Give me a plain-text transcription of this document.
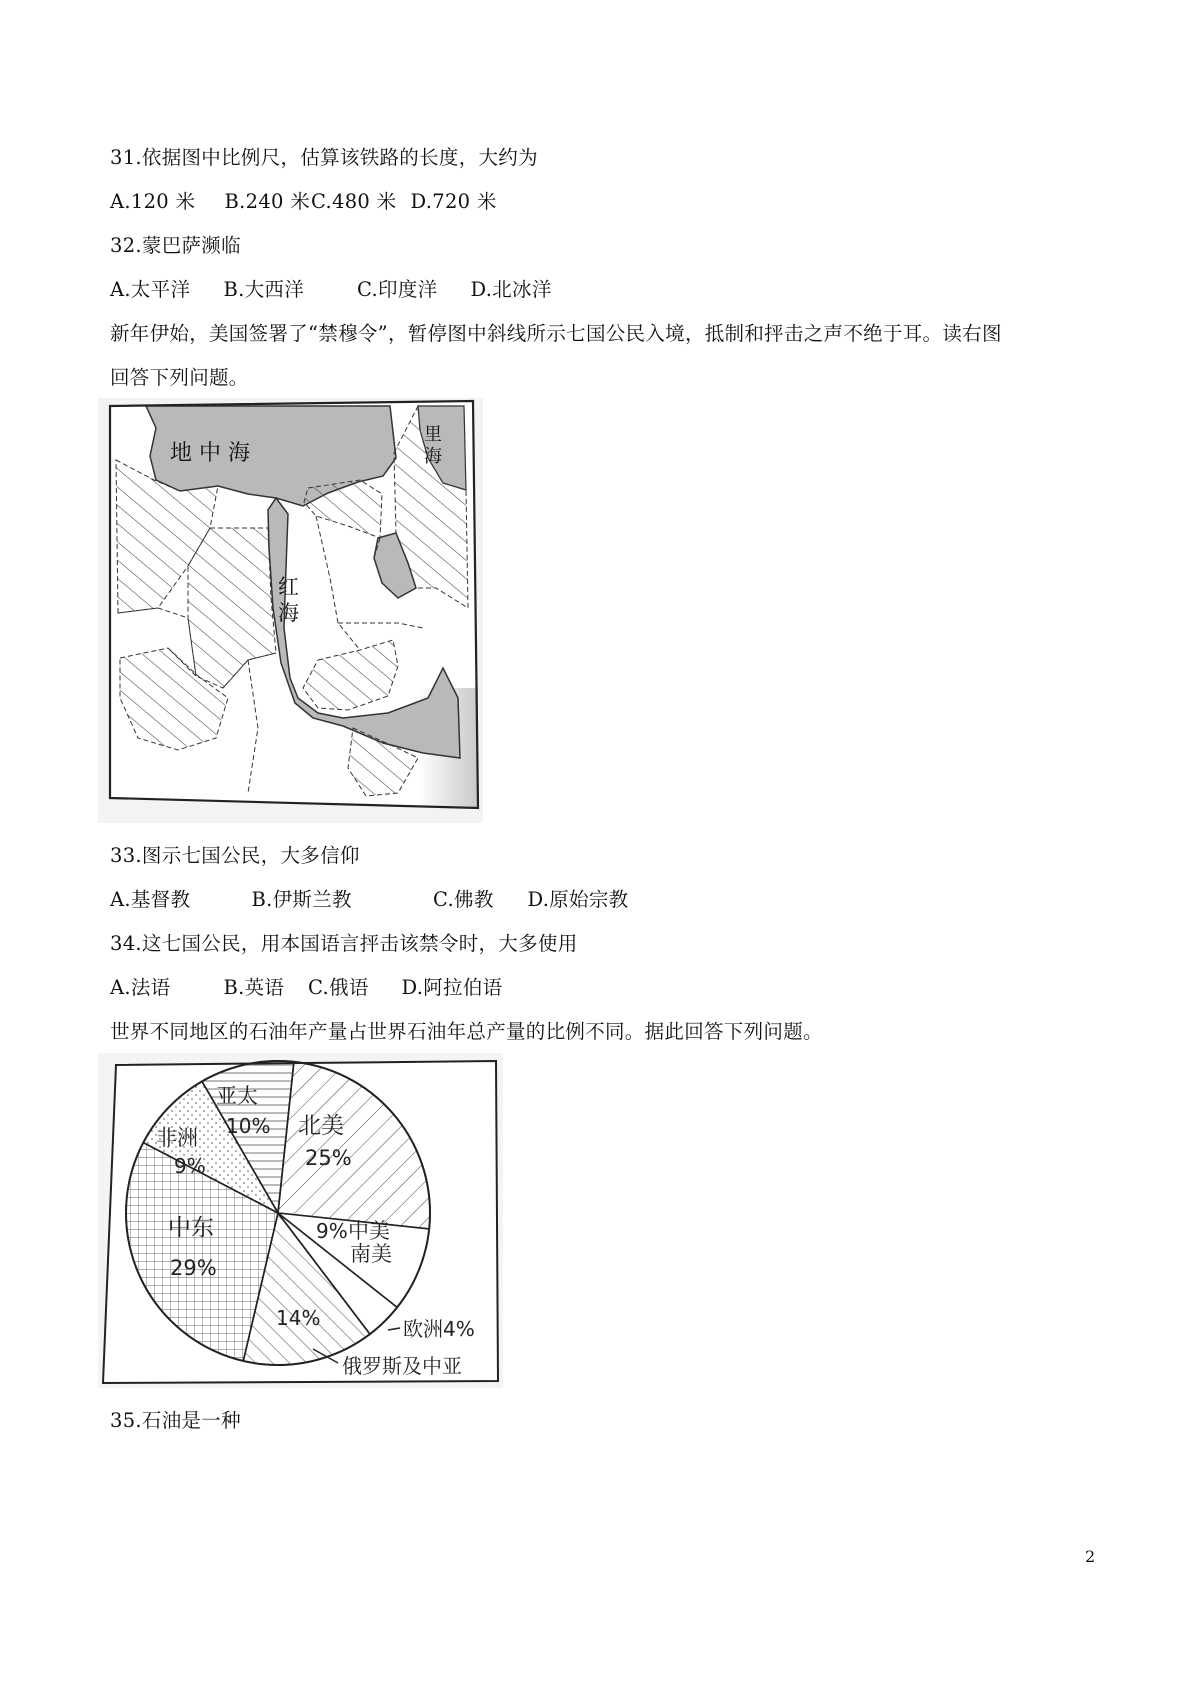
31.依据图中比例尺，估算该铁路的长度，大约为
A.120 米 B.240 米 C.480 米 D.720 米
32.蒙巴萨濒临
A.太平洋 B.大西洋	C.印度洋 D.北冰洋
新年伊始，美国签署了“禁穆令”，暂停图中斜线所示七国公民入境，抵制和抨击之声不绝于耳。读右图
回答下列问题。
地 中 海
红
海
里
海
33.图示七国公民，大多信仰
A.基督教	B.伊斯兰教	C.佛教 D.原始宗教
34.这七国公民，用本国语言抨击该禁令时，大多使用
A.法语	B.英语 C.俄语 D.阿拉伯语
世界不同地区的石油年产量占世界石油年总产量的比例不同。据此回答下列问题。
亚太
10% 北美
25%
非洲
9%
中东
29%
9% 中美
南美
欧洲4%
14%
俄罗斯及中亚
35.石油是一种
2
